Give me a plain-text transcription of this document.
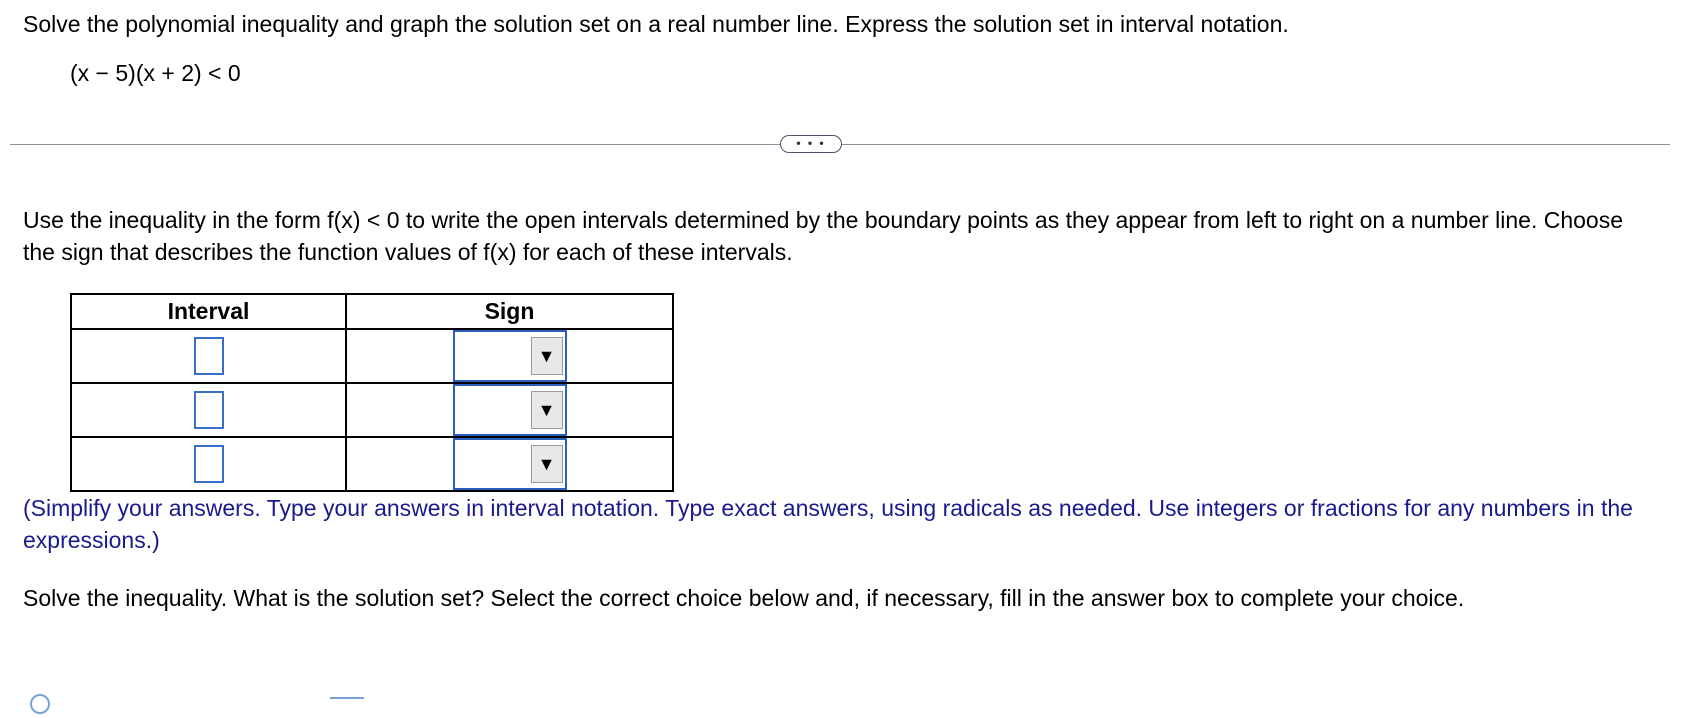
Solve the polynomial inequality and graph the solution set on a real number line. Express the solution set in interval notation.
(x − 5)(x + 2) < 0
• • •
Use the inequality in the form f(x) < 0 to write the open intervals determined by the boundary points as they appear from left to right on a number line. Choose the sign that describes the function values of f(x) for each of these intervals.
Interval	Sign

	▼

	▼

	▼
(Simplify your answers. Type your answers in interval notation. Type exact answers, using radicals as needed. Use integers or fractions for any numbers in the expressions.)
Solve the inequality. What is the solution set? Select the correct choice below and, if necessary, fill in the answer box to complete your choice.
